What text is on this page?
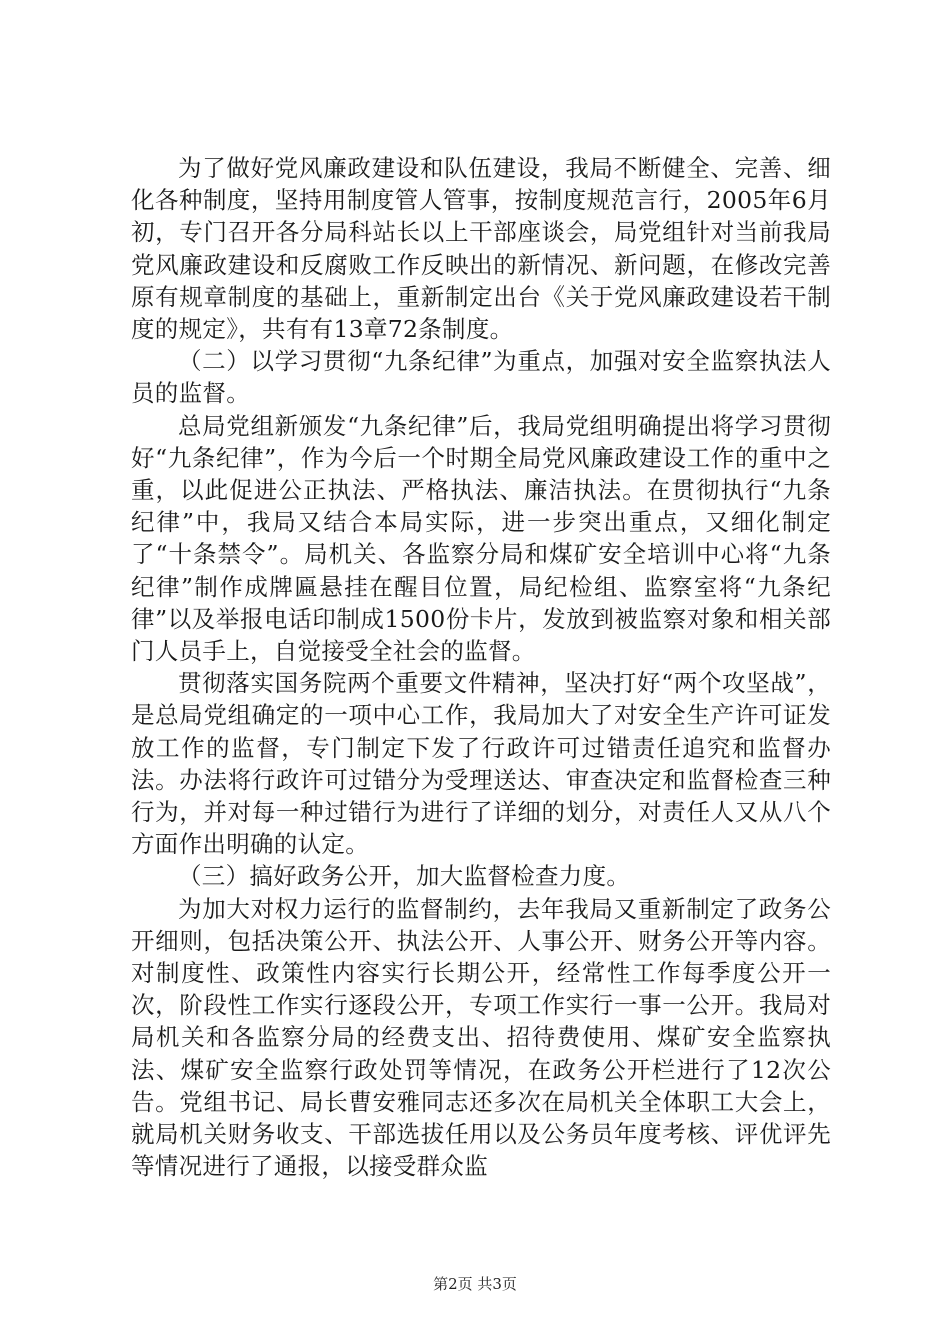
为了做好党风廉政建设和队伍建设，我局不断健全、完善、细化各种制度，坚持用制度管人管事，按制度规范言行，2005年6月初，专门召开各分局科站长以上干部座谈会，局党组针对当前我局党风廉政建设和反腐败工作反映出的新情况、新问题，在修改完善原有规章制度的基础上，重新制定出台《关于党风廉政建设若干制度的规定》，共有有13章72条制度。

（二）以学习贯彻“九条纪律”为重点，加强对安全监察执法人员的监督。

总局党组新颁发“九条纪律”后，我局党组明确提出将学习贯彻好“九条纪律”，作为今后一个时期全局党风廉政建设工作的重中之重，以此促进公正执法、严格执法、廉洁执法。在贯彻执行“九条纪律”中，我局又结合本局实际，进一步突出重点，又细化制定了“十条禁令”。局机关、各监察分局和煤矿安全培训中心将“九条纪律”制作成牌匾悬挂在醒目位置，局纪检组、监察室将“九条纪律”以及举报电话印制成1500份卡片，发放到被监察对象和相关部门人员手上，自觉接受全社会的监督。

贯彻落实国务院两个重要文件精神，坚决打好“两个攻坚战”，是总局党组确定的一项中心工作，我局加大了对安全生产许可证发放工作的监督，专门制定下发了行政许可过错责任追究和监督办法。办法将行政许可过错分为受理送达、审查决定和监督检查三种行为，并对每一种过错行为进行了详细的划分，对责任人又从八个方面作出明确的认定。

（三）搞好政务公开，加大监督检查力度。

为加大对权力运行的监督制约，去年我局又重新制定了政务公开细则，包括决策公开、执法公开、人事公开、财务公开等内容。对制度性、政策性内容实行长期公开，经常性工作每季度公开一次，阶段性工作实行逐段公开，专项工作实行一事一公开。我局对局机关和各监察分局的经费支出、招待费使用、煤矿安全监察执法、煤矿安全监察行政处罚等情况，在政务公开栏进行了12次公告。党组书记、局长曹安雅同志还多次在局机关全体职工大会上，就局机关财务收支、干部选拔任用以及公务员年度考核、评优评先等情况进行了通报，以接受群众监

第2页 共3页
